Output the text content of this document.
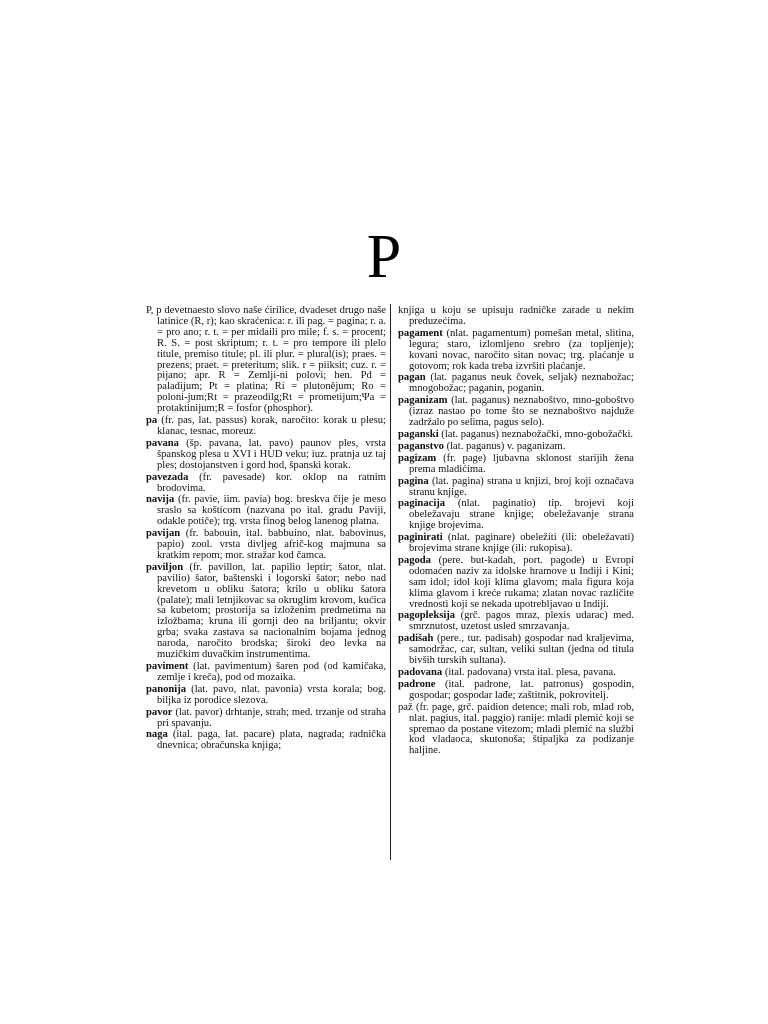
P
P, p devetnaesto slovo naše ćirilice, dvadeset drugo naše latinice (R, r); kao skraćenica: r. ili pag. = pagina; r. a. = pro ano; r. t. = per midaili pro mile; f. s. = procent; R. S. = post skriptum; r. t. = pro tempore ili plelo titule, premiso titule; pl. ili plur. = plural(is); praes. = prezens; praet. = preteritum; slik. r = piiksit; cuz. r. = pijano; apr. R = Zemlji-ni polovi; hen. Pd = paladijum; Pt = platina; Ri = plutonějum; Ro = poloni-jum;Rt = prazeodilg;Rt = prometijum;Ψa = protaktinijum;R = fosfor (phosphor).
pa (fr. pas, lat. passus) korak, naročito: korak u plesu; klanac, tesnac, moreuz.
pavana (šp. pavana, lat. pavo) paunov ples, vrsta španskog plesa u XVI i HUD veku; iuz. pratnja uz taj ples; dostojanstven i gord hod, španski korak.
pavezada (fr. pavesade) kor. oklop na ratnim brodovima.
navija (fr. pavie, iim. pavia) bog. breskva čije je meso sraslo sa koštícom (nazvana po ital. gradu Paviji, odakle potiče); trg. vrsta finog belog lanenog platna.
pavijan (fr. babouin, ital. babbuino, nlat. babovinus, papio) zool. vrsta divljeg afrič-kog majmuna sa kratkim repom; mor. stražar kod čamca.
paviljon (fr. pavillon, lat. papilio leptir; šator, nlat. pavilio) šator, baštenski i logorski šator; nebo nad krevetom u obliku šatora; krilo u obliku šatora (palate); mali letnjikovac sa okruglim krovom, kućica sa kubetom; prostorija sa izloženim predmetima na izložbama; kruna ili gornji deo na briljantu; okvir grba; svaka zastava sa nacionalnim bojama jednog naroda, naročito brodska; široki deo levka na muzičkim duvačkim instrumentima.
paviment (lat. pavimentum) šaren pod (od kamičaka, zemlje i kreča), pod od mozaika.
panonija (lat. pavo, nlat. pavonia) vrsta korala; bog. biljka iz porodice slezova.
pavor (lat. pavor) drhtanje, strah; med. trzanje od straha pri spavanju.
naga (ital. paga, lat. pacare) plata, nagrada; radnička dnevnica; obračunska knjiga;
knjiga u koju se upisuju radničke zarade u nekim preduzećima.
pagament (nlat. pagamentum) pomešan metal, slitina, legura; staro, izlomljeno srebro (za topljenje); kovani novac, naročito sitan novac; trg. plaćanje u gotovom; rok kada treba izvršiti plaćanje.
pagan (lat. paganus neuk čovek, seljak) neznabožac; mnogobožac; paganin, poganin.
paganizam (lat. paganus) neznaboštvo, mno-goboštvo (izraz nastao po tome što se neznaboštvo najduže zadržalo po selima, pagus selo).
paganski (lat. paganus) neznabožački, mno-gobožački.
paganstvo (lat. paganus) v. paganizam.
pagizam (fr. page) ljubavna sklonost starijih žena prema mladićima.
pagina (lat. pagina) strana u knjizi, broj koji označava stranu knjige.
paginacija (nlat. paginatio) tip. brojevi koji obeležavaju strane knjige; obeležavanje strana knjige brojevima.
paginirati (nlat. paginare) obeležiti (ili: obeležavati) brojevima strane knjige (ili: rukopisa).
pagoda (pere. but-kadah, port. pagode) u Evropi odomaćen naziv za idolske hramove u Indiji i Kini; sam idol; idol koji klima glavom; mala figura koja klima glavom i kreće rukama; zlatan novac različite vrednosti koji se nekada upotrebljavao u Indiji.
pagopleksija (grč. pagos mraz, plexis udarac) med. smrznutost, uzetost usled smrzavanja.
padišah (pere., tur. padisah) gospodar nad kraljevima, samodržac, car, sultan, veliki sultan (jedna od titula bivših turskih sultana).
padovana (ital. padovana) vrsta ital. plesa, pavana.
padrone (ital. padrone, lat. patronus) gospodin, gospodar; gospodar lađe; zaštitnik, pokrovitelj.
paž (fr. page, grč. paidion detence; mali rob, mlad rob, nlat. pagius, ital. paggio) ranije: mladi plemić koji se spremao da postane vitezom; mladi plemić na službi kod vladaoca, skutonoša; štipaljka za podizanje haljine.
